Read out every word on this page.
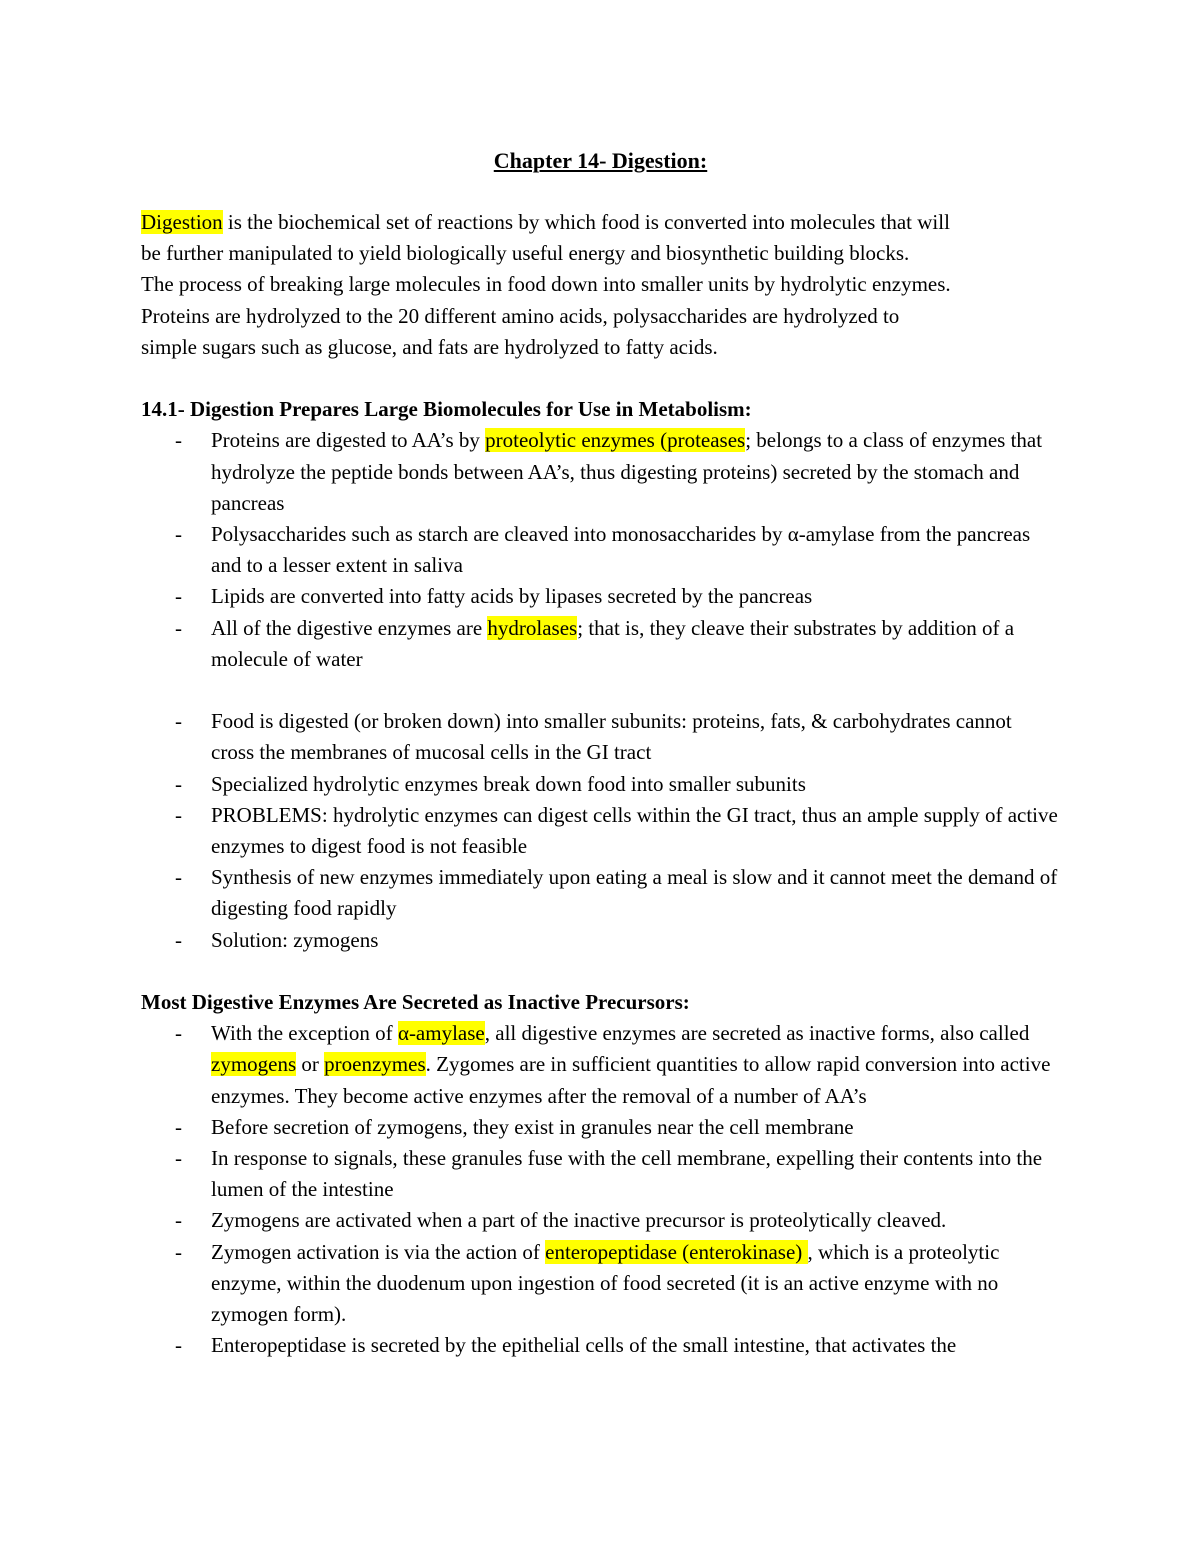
Chapter 14- Digestion:

Digestion is the biochemical set of reactions by which food is converted into molecules that will

be further manipulated to yield biologically useful energy and biosynthetic building blocks.

The process of breaking large molecules in food down into smaller units by hydrolytic enzymes.

Proteins are hydrolyzed to the 20 different amino acids, polysaccharides are hydrolyzed to

simple sugars such as glucose, and fats are hydrolyzed to fatty acids.

14.1- Digestion Prepares Large Biomolecules for Use in Metabolism:
- Proteins are digested to AA’s by proteolytic enzymes (proteases; belongs to a class of enzymes that hydrolyze the peptide bonds between AA’s, thus digesting proteins) secreted by the stomach and pancreas
- Polysaccharides such as starch are cleaved into monosaccharides by α-amylase from the pancreas and to a lesser extent in saliva
- Lipids are converted into fatty acids by lipases secreted by the pancreas
- All of the digestive enzymes are hydrolases; that is, they cleave their substrates by addition of a molecule of water
- Food is digested (or broken down) into smaller subunits: proteins, fats, & carbohydrates cannot cross the membranes of mucosal cells in the GI tract
- Specialized hydrolytic enzymes break down food into smaller subunits
- PROBLEMS: hydrolytic enzymes can digest cells within the GI tract, thus an ample supply of active enzymes to digest food is not feasible
- Synthesis of new enzymes immediately upon eating a meal is slow and it cannot meet the demand of digesting food rapidly
- Solution: zymogens
Most Digestive Enzymes Are Secreted as Inactive Precursors:
- With the exception of α-amylase, all digestive enzymes are secreted as inactive forms, also called zymogens or proenzymes. Zygomes are in sufficient quantities to allow rapid conversion into active enzymes. They become active enzymes after the removal of a number of AA’s
- Before secretion of zymogens, they exist in granules near the cell membrane
- In response to signals, these granules fuse with the cell membrane, expelling their contents into the lumen of the intestine
- Zymogens are activated when a part of the inactive precursor is proteolytically cleaved.
- Zymogen activation is via the action of enteropeptidase (enterokinase) , which is a proteolytic enzyme, within the duodenum upon ingestion of food secreted (it is an active enzyme with no zymogen form).
- Enteropeptidase is secreted by the epithelial cells of the small intestine, that activates the
